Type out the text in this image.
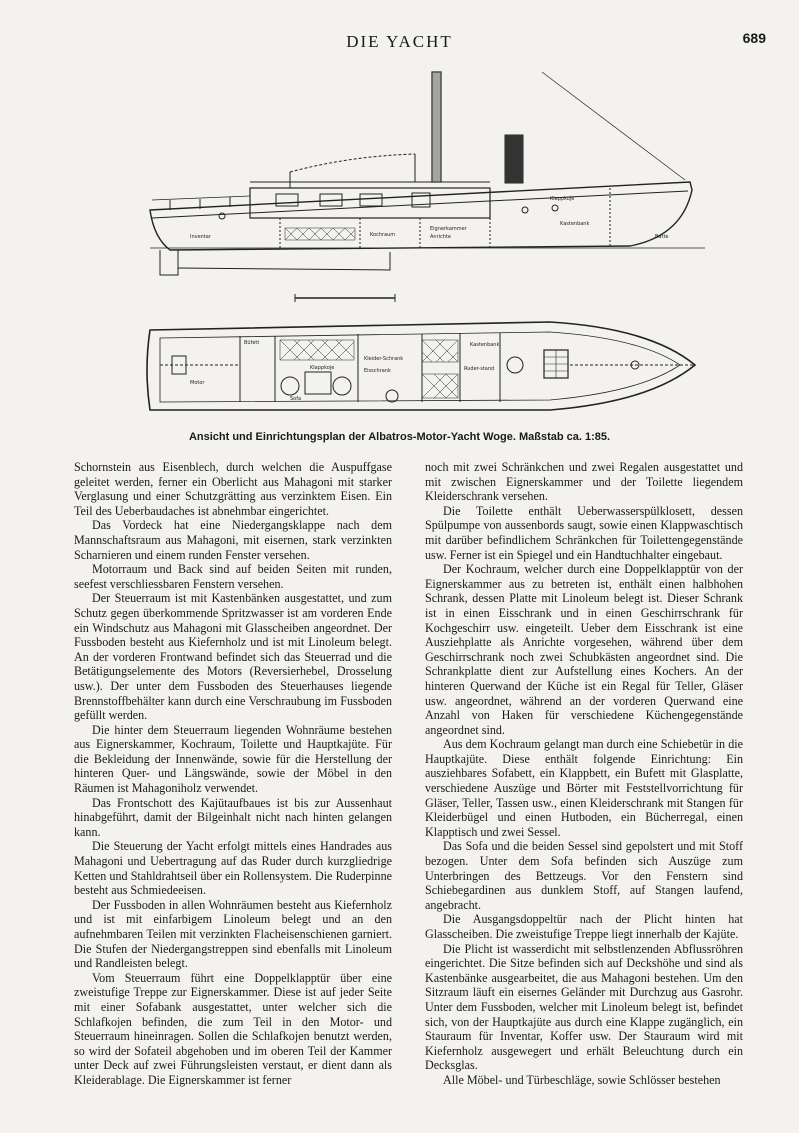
DIE YACHT	689
Inventar
Klappkoje
Eignerkammer
Anrichte
Kastenbank
Kochraum	Batte
Büfett
Klappkoje
Sofa
Kleider-Schrank
Eisschrank	Ruder-stand
Motor
Kastenbank
Ansicht und Einrichtungsplan der Albatros-Motor-Yacht Woge. Maßstab ca. 1:85.

Schornstein aus Eisenblech, durch welchen die Auspuffgase geleitet werden, ferner ein Oberlicht aus Mahagoni mit starker Verglasung und einer Schutzgrätting aus verzinktem Eisen. Ein Teil des Ueberbaudaches ist abnehmbar eingerichtet.

Das Vordeck hat eine Niedergangsklappe nach dem Mannschaftsraum aus Mahagoni, mit eisernen, stark verzinkten Scharnieren und einem runden Fenster versehen.

Motorraum und Back sind auf beiden Seiten mit runden, seefest verschliessbaren Fenstern versehen.

Der Steuerraum ist mit Kastenbänken ausgestattet, und zum Schutz gegen überkommende Spritzwasser ist am vorderen Ende ein Windschutz aus Mahagoni mit Glasscheiben angeordnet. Der Fussboden besteht aus Kiefernholz und ist mit Linoleum belegt. An der vorderen Frontwand befindet sich das Steuerrad und die Betätigungselemente des Motors (Reversierhebel, Drosselung usw.). Der unter dem Fussboden des Steuerhauses liegende Brennstoffbehälter kann durch eine Verschraubung im Fussboden gefüllt werden.

Die hinter dem Steuerraum liegenden Wohnräume bestehen aus Eignerskammer, Kochraum, Toilette und Hauptkajüte. Für die Bekleidung der Innenwände, sowie für die Herstellung der hinteren Quer- und Längswände, sowie der Möbel in den Räumen ist Mahagoniholz verwendet.

Das Frontschott des Kajütaufbaues ist bis zur Aussenhaut hinabgeführt, damit der Bilgeinhalt nicht nach hinten gelangen kann.

Die Steuerung der Yacht erfolgt mittels eines Handrades aus Mahagoni und Uebertragung auf das Ruder durch kurzgliedrige Ketten und Stahldrahtseil über ein Rollensystem. Die Ruderpinne besteht aus Schmiedeeisen.

Der Fussboden in allen Wohnräumen besteht aus Kiefernholz und ist mit einfarbigem Linoleum belegt und an den aufnehmbaren Teilen mit verzinkten Flacheisenschienen garniert. Die Stufen der Niedergangstreppen sind ebenfalls mit Linoleum und Randleisten belegt.

Vom Steuerraum führt eine Doppelklapptür über eine zweistufige Treppe zur Eignerskammer. Diese ist auf jeder Seite mit einer Sofabank ausgestattet, unter welcher sich die Schlafkojen befinden, die zum Teil in den Motor- und Steuerraum hineinragen. Sollen die Schlafkojen benutzt werden, so wird der Sofateil abgehoben und im oberen Teil der Kammer unter Deck auf zwei Führungsleisten verstaut, er dient dann als Kleiderablage. Die Eignerskammer ist ferner

noch mit zwei Schränkchen und zwei Regalen ausgestattet und mit zwischen Eignerskammer und der Toilette liegendem Kleiderschrank versehen.

Die Toilette enthält Ueberwasserspülklosett, dessen Spülpumpe von aussenbords saugt, sowie einen Klappwaschtisch mit darüber befindlichem Schränkchen für Toilettengegenstände usw. Ferner ist ein Spiegel und ein Handtuchhalter eingebaut.

Der Kochraum, welcher durch eine Doppelklapptür von der Eignerskammer aus zu betreten ist, enthält einen halbhohen Schrank, dessen Platte mit Linoleum belegt ist. Dieser Schrank ist in einen Eisschrank und in einen Geschirrschrank für Kochgeschirr usw. eingeteilt. Ueber dem Eisschrank ist eine Ausziehplatte als Anrichte vorgesehen, während über dem Geschirrschrank noch zwei Schubkästen angeordnet sind. Die Schrankplatte dient zur Aufstellung eines Kochers. An der hinteren Querwand der Küche ist ein Regal für Teller, Gläser usw. angeordnet, während an der vorderen Querwand eine Anzahl von Haken für verschiedene Küchengegenstände angeordnet sind.

Aus dem Kochraum gelangt man durch eine Schiebetür in die Hauptkajüte. Diese enthält folgende Einrichtung: Ein ausziehbares Sofabett, ein Klappbett, ein Bufett mit Glasplatte, verschiedene Auszüge und Börter mit Feststellvorrichtung für Gläser, Teller, Tassen usw., einen Kleiderschrank mit Stangen für Kleiderbügel und einen Hutboden, ein Bücherregal, einen Klapptisch und zwei Sessel.

Das Sofa und die beiden Sessel sind gepolstert und mit Stoff bezogen. Unter dem Sofa befinden sich Auszüge zum Unterbringen des Bettzeugs. Vor den Fenstern sind Schiebegardinen aus dunklem Stoff, auf Stangen laufend, angebracht.

Die Ausgangsdoppeltür nach der Plicht hinten hat Glasscheiben. Die zweistufige Treppe liegt innerhalb der Kajüte.

Die Plicht ist wasserdicht mit selbstlenzenden Abflussröhren eingerichtet. Die Sitze befinden sich auf Deckshöhe und sind als Kastenbänke ausgearbeitet, die aus Mahagoni bestehen. Um den Sitzraum läuft ein eisernes Geländer mit Durchzug aus Gasrohr. Unter dem Fussboden, welcher mit Linoleum belegt ist, befindet sich, von der Hauptkajüte aus durch eine Klappe zugänglich, ein Stauraum für Inventar, Koffer usw. Der Stauraum wird mit Kiefernholz ausgewegert und erhält Beleuchtung durch ein Decksglas.

Alle Möbel- und Türbeschläge, sowie Schlösser bestehen
